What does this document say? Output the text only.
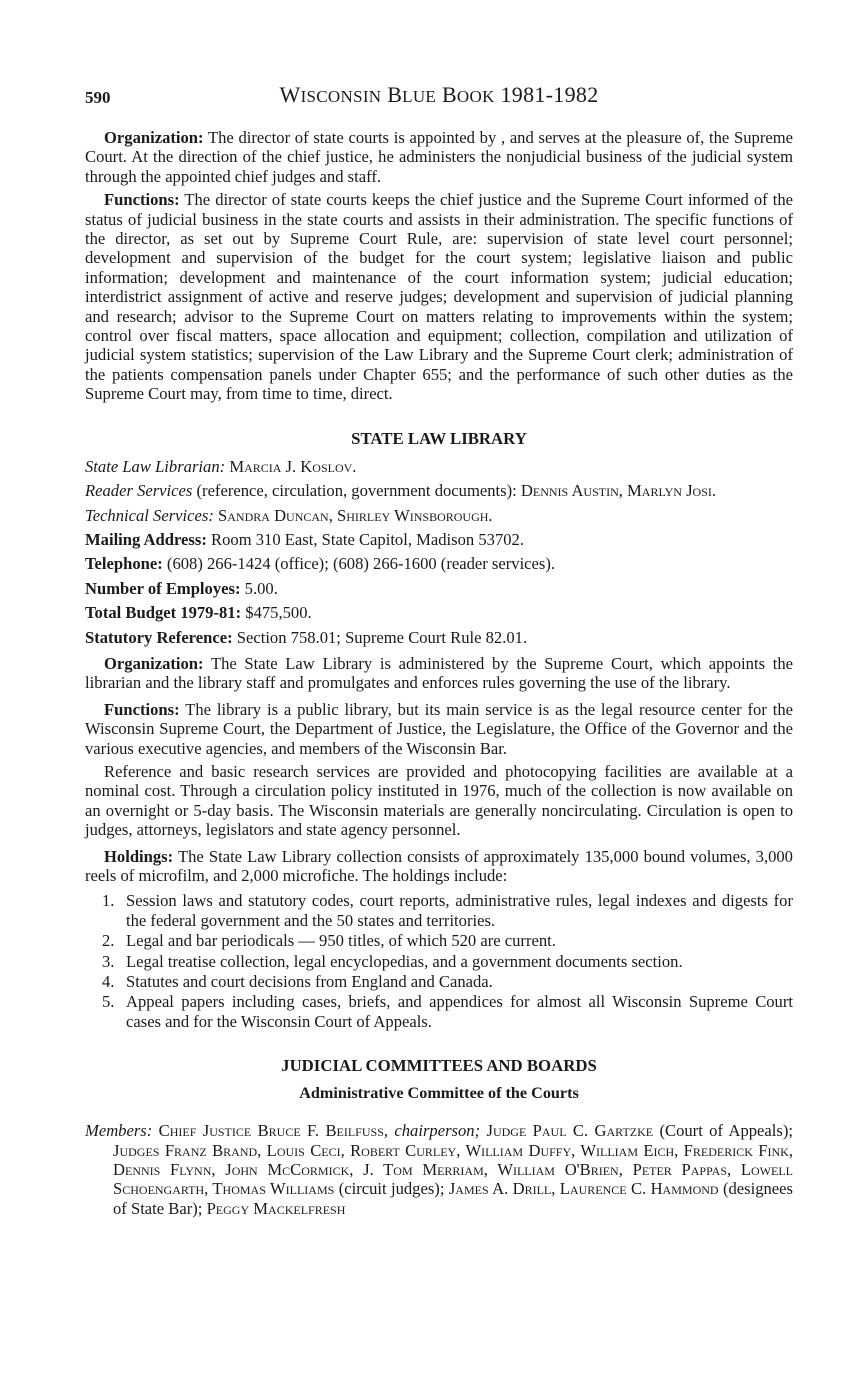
590	WISCONSIN BLUE BOOK 1981-1982

Organization: The director of state courts is appointed by , and serves at the pleasure of, the Supreme Court. At the direction of the chief justice, he administers the nonjudicial business of the judicial system through the appointed chief judges and staff.

Functions: The director of state courts keeps the chief justice and the Supreme Court informed of the status of judicial business in the state courts and assists in their administration. The specific functions of the director, as set out by Supreme Court Rule, are: supervision of state level court personnel; development and supervision of the budget for the court system; legislative liaison and public information; development and maintenance of the court information system; judicial education; interdistrict assignment of active and reserve judges; development and supervision of judicial planning and research; advisor to the Supreme Court on matters relating to improvements within the system; control over fiscal matters, space allocation and equipment; collection, compilation and utilization of judicial system statistics; supervision of the Law Library and the Supreme Court clerk; administration of the patients compensation panels under Chapter 655; and the performance of such other duties as the Supreme Court may, from time to time, direct.

STATE LAW LIBRARY
State Law Librarian: Marcia J. Koslov.
Reader Services (reference, circulation, government documents): Dennis Austin, Marlyn Josi.
Technical Services: Sandra Duncan, Shirley Winsborough.
Mailing Address: Room 310 East, State Capitol, Madison 53702.
Telephone: (608) 266-1424 (office); (608) 266-1600 (reader services).
Number of Employes: 5.00.
Total Budget 1979-81: $475,500.
Statutory Reference: Section 758.01; Supreme Court Rule 82.01.

Organization: The State Law Library is administered by the Supreme Court, which appoints the librarian and the library staff and promulgates and enforces rules governing the use of the library.

Functions: The library is a public library, but its main service is as the legal resource center for the Wisconsin Supreme Court, the Department of Justice, the Legislature, the Office of the Governor and the various executive agencies, and members of the Wisconsin Bar.

Reference and basic research services are provided and photocopying facilities are available at a nominal cost. Through a circulation policy instituted in 1976, much of the collection is now available on an overnight or 5-day basis. The Wisconsin materials are generally noncirculating. Circulation is open to judges, attorneys, legislators and state agency personnel.

Holdings: The State Law Library collection consists of approximately 135,000 bound volumes, 3,000 reels of microfilm, and 2,000 microfiche. The holdings include:

1. Session laws and statutory codes, court reports, administrative rules, legal indexes and digests for the federal government and the 50 states and territories.
2. Legal and bar periodicals — 950 titles, of which 520 are current.
3. Legal treatise collection, legal encyclopedias, and a government documents section.
4. Statutes and court decisions from England and Canada.
5. Appeal papers including cases, briefs, and appendices for almost all Wisconsin Supreme Court cases and for the Wisconsin Court of Appeals.
JUDICIAL COMMITTEES AND BOARDS
Administrative Committee of the Courts
Members: Chief Justice Bruce F. Beilfuss, chairperson; Judge Paul C. Gartzke (Court of Appeals); Judges Franz Brand, Louis Ceci, Robert Curley, William Duffy, William Eich, Frederick Fink, Dennis Flynn, John McCormick, J. Tom Merriam, William O'Brien, Peter Pappas, Lowell Schoengarth, Thomas Williams (circuit judges); James A. Drill, Laurence C. Hammond (designees of State Bar); Peggy Mackelfresh
